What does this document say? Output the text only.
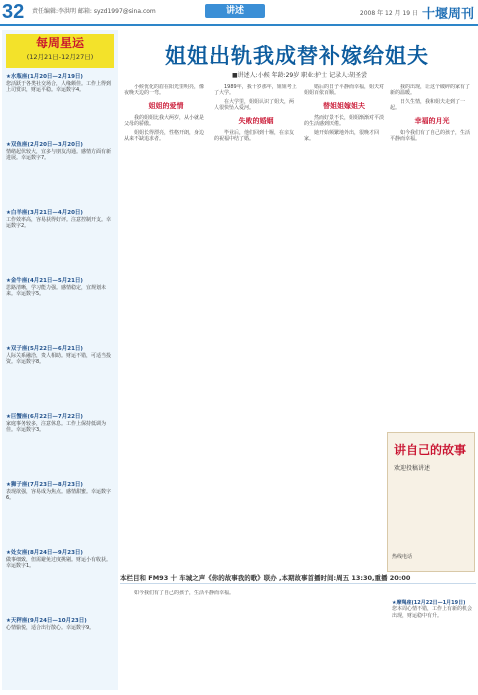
32 责任编辑:李洪明 邮箱: syzd1997@sina.com	讲述	2008 年 12 月 19 日 十堰周刊
每周星运
(12月21日-12月27日)
★水瓶座(1月20日—2月19日)
您活跃于各类社交场合，人缘颇佳。工作上得到上司赏识，财运平稳。幸运数字4。
★双鱼座(2月20日—3月20日)
情绪起伏较大，宜多与朋友沟通。感情方面有新进展。幸运数字7。
★白羊座(3月21日—4月20日)
工作效率高，容易获得好评。注意控制开支。幸运数字2。
★金牛座(4月21日—5月21日)
思路清晰，学习能力强。感情稳定，宜规划未来。幸运数字5。
★双子座(5月22日—6月21日)
人际关系融洽，贵人相助。财运不错，可适当投资。幸运数字8。
★巨蟹座(6月22日—7月22日)
家庭事务较多，注意休息。工作上保持低调为佳。幸运数字3。
★狮子座(7月23日—8月23日)
表现欲强，容易成为焦点。感情甜蜜。幸运数字6。
★处女座(8月24日—9月23日)
做事细致，但需避免过度挑剔。财运小有收获。幸运数字1。
★天秤座(9月24日—10月23日)
心情愉悦，适合出行散心。幸运数字9。
姐姐出轨我成替补嫁给姐夫
■讲述人:小候 年龄:29岁 职业:护士 记录人:胡圣尝

小候优化的眉在阳光里明亮，像夜晚天边的一弯。

姐姐的爱情

我的姐姐比我大两岁，从小就是父母的骄傲。

姐姐长得漂亮，性格开朗，身边从来不缺追求者。

1989年，我十岁那年，姐姐考上了大学。

在大学里，姐姐认识了姐夫，两人很快坠入爱河。

失败的婚姻

毕业后，他们回到十堰，在亲友的祝福中结了婚。

婚后的日子平静而幸福，姐夫对姐姐百依百顺。

替姐姐嫁姐夫

然而好景不长，姐姐渐渐对平淡的生活感到厌倦。

她开始频繁地外出，很晚才回家。

我的出现，让这个破碎的家有了新的温暖。

日久生情，我和姐夫走到了一起。

幸福的月光

如今我们有了自己的孩子，生活平静而幸福。

讲自己的故事
欢迎投稿讲述
热线电话
本栏目和 FM93 十 车城之声《你的故事我的歌》联办 ,本期故事首播时间:周五 13:30,重播 20:00

如今我们有了自己的孩子，生活平静而幸福。

★摩羯座(12月22日—1月19日)
您本周心情不错，工作上有新的机会出现，财运稳中有升。
